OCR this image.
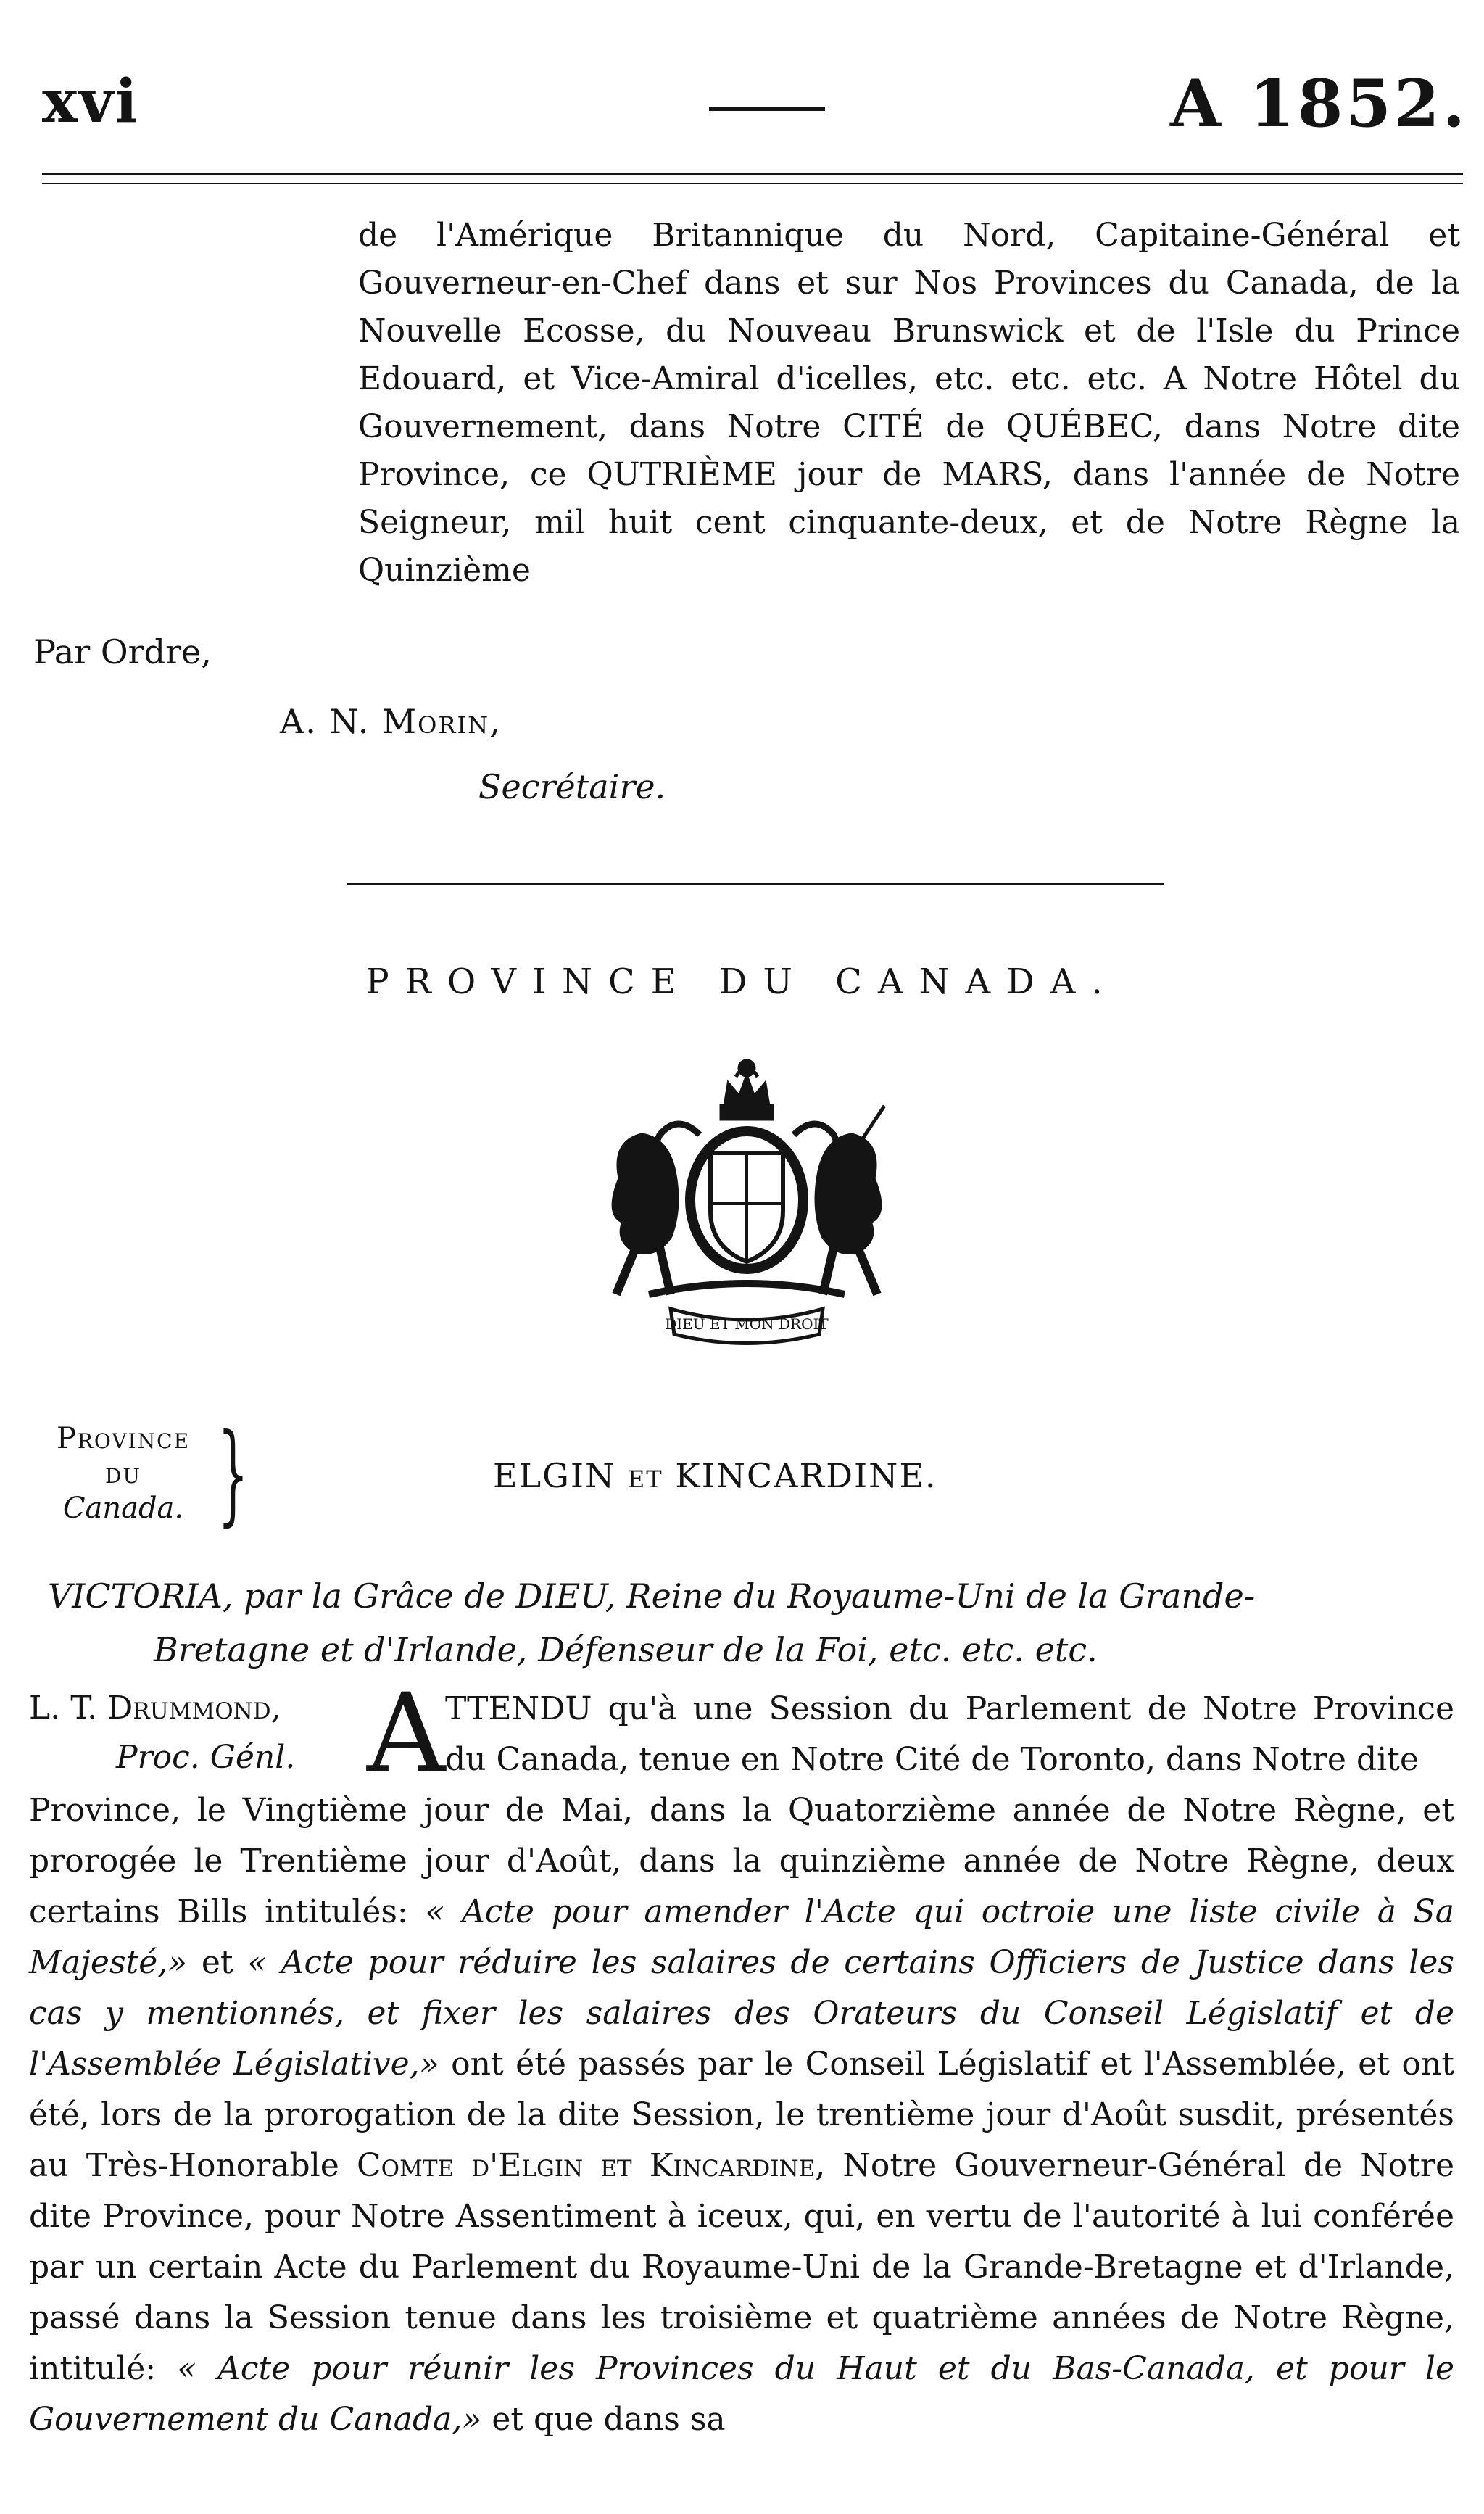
xvi	A 1852.
de l'Amérique Britannique du Nord, Capitaine-Général et Gouverneur-en-Chef dans et sur Nos Provinces du Canada, de la Nouvelle Ecosse, du Nouveau Brunswick et de l'Isle du Prince Edouard, et Vice-Amiral d'icelles, etc. etc. etc. A Notre Hôtel du Gouvernement, dans Notre CITÉ de QUÉBEC, dans Notre dite Province, ce QUTRIÈME jour de MARS, dans l'année de Notre Seigneur, mil huit cent cinquante-deux, et de Notre Règne la Quinzième
Par Ordre,
A. N. Morin,
Secrétaire.
PROVINCE DU CANADA.
DIEU ET MON DROIT
Province
du
Canada. }	ELGIN ET KINCARDINE.
VICTORIA, par la Grâce de DIEU, Reine du Royaume-Uni de la Grande-
Bretagne et d'Irlande, Défenseur de la Foi, etc. etc. etc.
L. T. Drummond,
Proc. Génl. A TTENDU qu'à une Session du Parlement de Notre Province du Canada, tenue en Notre Cité de Toronto, dans Notre dite
Province, le Vingtième jour de Mai, dans la Quatorzième année de Notre Règne, et prorogée le Trentième jour d'Août, dans la quinzième année de Notre Règne, deux certains Bills intitulés: « Acte pour amender l'Acte qui octroie une liste civile à Sa Majesté,» et « Acte pour réduire les salaires de certains Officiers de Justice dans les cas y mentionnés, et fixer les salaires des Orateurs du Conseil Législatif et de l'Assemblée Législative,» ont été passés par le Conseil Législatif et l'Assemblée, et ont été, lors de la prorogation de la dite Session, le trentième jour d'Août susdit, présentés au Très-Honorable Comte d'Elgin et Kincardine, Notre Gouverneur-Général de Notre dite Province, pour Notre Assentiment à iceux, qui, en vertu de l'autorité à lui conférée par un certain Acte du Parlement du Royaume-Uni de la Grande-Bretagne et d'Irlande, passé dans la Session tenue dans les troisième et quatrième années de Notre Règne, intitulé: « Acte pour réunir les Provinces du Haut et du Bas-Canada, et pour le Gouvernement du Canada,» et que dans sa
